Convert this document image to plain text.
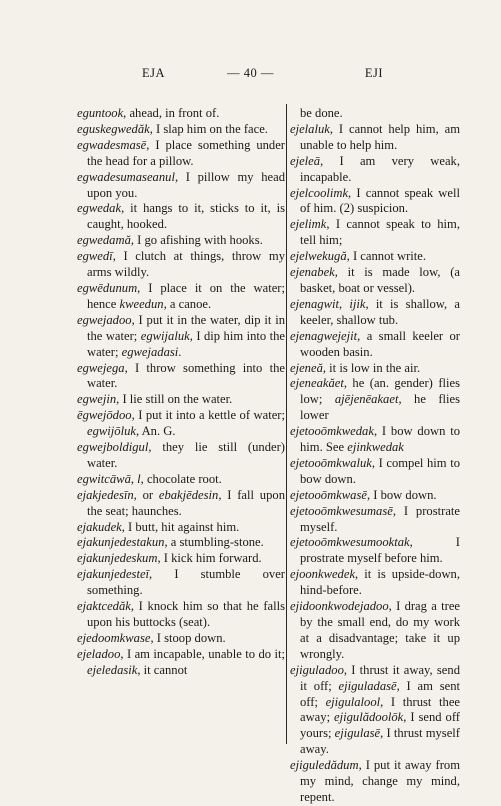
EJA	— 40 —	EJI

eguntook, ahead, in front of.

eguskegwedăk, I slap him on the face.

egwadesmasē, I place something under the head for a pillow.

egwadesumaseanul, I pillow my head upon you.

egwedak, it hangs to it, sticks to it, is caught, hooked.

egwedamă, I go afishing with hooks.

egwedī, I clutch at things, throw my arms wildly.

egwēdunum, I place it on the water; hence kweedun, a canoe.

egwejadoo, I put it in the water, dip it in the water; egwijaluk, I dip him into the water; egwejadasi.

egwejega, I throw something into the water.

egwejin, I lie still on the water.

ēgwejōdoo, I put it into a kettle of water; egwijōluk, An. G.

egwejboldigul, they lie still (under) water.

egwitcāwā, l, chocolate root.

ejakjedesīn, or ebakjēdesin, I fall upon the seat; haunches.

ejakudek, I butt, hit against him.

ejakunjedestakun, a stumbling-stone.

ejakunjedeskum, I kick him forward.

ejakunjedesteī, I stumble over something.

ejaktcedăk, I knock him so that he falls upon his buttocks (seat).

ejedoomkwase, I stoop down.

ejeladoo, I am incapable, unable to do it; ejeledasik, it cannot

be done.

ejelaluk, I cannot help him, am unable to help him.

ejeleā, I am very weak, incapable.

ejelcoolimk, I cannot speak well of him. (2) suspicion.

ejelimk, I cannot speak to him, tell him;

ejelwekugă, I cannot write.

ejenabek, it is made low, (a basket, boat or vessel).

ejenagwit, ijik, it is shallow, a keeler, shallow tub.

ejenagwejejit, a small keeler or wooden basin.

ejeneă, it is low in the air.

ejeneakăet, he (an. gender) flies low; ajējenēakaet, he flies lower

ejetooōmkwedak, I bow down to him. See ejinkwedak

ejetooōmkwaluk, I compel him to bow down.

ejetooōmkwasē, I bow down.

ejetooōmkwesumasē, I prostrate myself.

ejetooōmkwesumooktak, I prostrate myself before him.

ejoonkwedek, it is upside-down, hind-before.

ejidoonkwodejadoo, I drag a tree by the small end, do my work at a disadvantage; take it up wrongly.

ejiguladoo, I thrust it away, send it off; ejiguladasē, I am sent off; ejigulalool, I thrust thee away; ejigulădoolōk, I send off yours; ejigulasē, I thrust myself away.

ejiguledădum, I put it away from my mind, change my mind, repent.
